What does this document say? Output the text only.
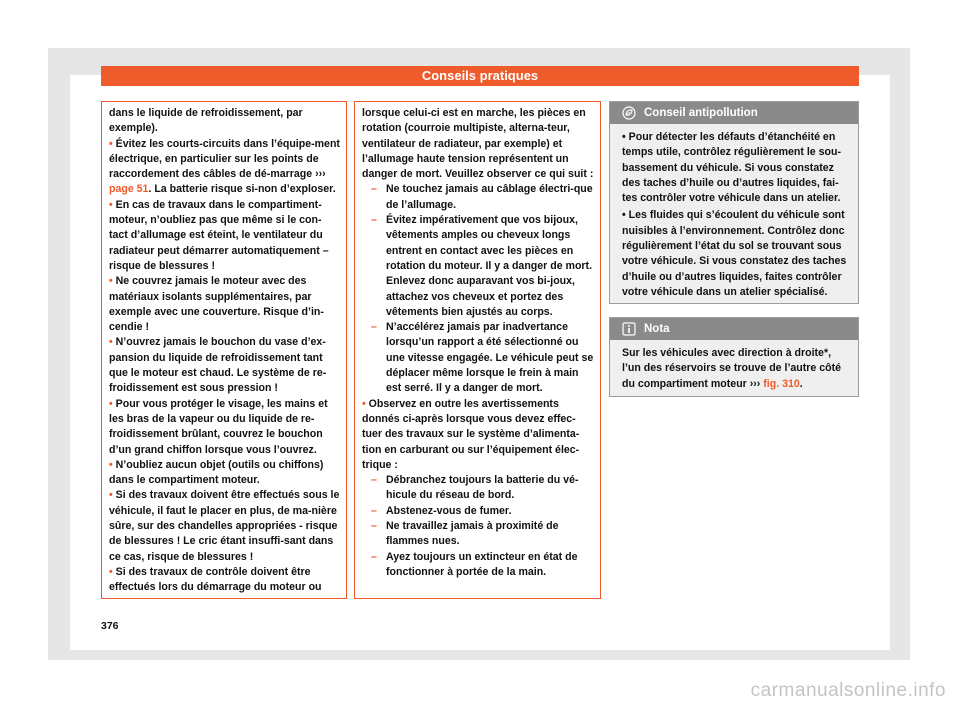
Conseils pratiques

dans le liquide de refroidissement, par exemple).

• Évitez les courts-circuits dans l’équipe-ment électrique, en particulier sur les points de raccordement des câbles de dé-marrage ››› page 51. La batterie risque si-non d’exploser.

• En cas de travaux dans le compartiment-moteur, n’oubliez pas que même si le con-tact d’allumage est éteint, le ventilateur du radiateur peut démarrer automatiquement – risque de blessures !

• Ne couvrez jamais le moteur avec des matériaux isolants supplémentaires, par exemple avec une couverture. Risque d’in-cendie !

• N’ouvrez jamais le bouchon du vase d’ex-pansion du liquide de refroidissement tant que le moteur est chaud. Le système de re-froidissement est sous pression !

• Pour vous protéger le visage, les mains et les bras de la vapeur ou du liquide de re-froidissement brûlant, couvrez le bouchon d’un grand chiffon lorsque vous l’ouvrez.

• N’oubliez aucun objet (outils ou chiffons) dans le compartiment moteur.

• Si des travaux doivent être effectués sous le véhicule, il faut le placer en plus, de ma-nière sûre, sur des chandelles appropriées - risque de blessures ! Le cric étant insuffi-sant dans ce cas, risque de blessures !

• Si des travaux de contrôle doivent être effectués lors du démarrage du moteur ou

lorsque celui-ci est en marche, les pièces en rotation (courroie multipiste, alterna-teur, ventilateur de radiateur, par exemple) et l’allumage haute tension représentent un danger de mort. Veuillez observer ce qui suit :

– Ne touchez jamais au câblage électri-que de l’allumage.

– Évitez impérativement que vos bijoux, vêtements amples ou cheveux longs entrent en contact avec les pièces en rotation du moteur. Il y a danger de mort. Enlevez donc auparavant vos bi-joux, attachez vos cheveux et portez des vêtements bien ajustés au corps.

– N’accélérez jamais par inadvertance lorsqu’un rapport a été sélectionné ou une vitesse engagée. Le véhicule peut se déplacer même lorsque le frein à main est serré. Il y a danger de mort.

• Observez en outre les avertissements donnés ci-après lorsque vous devez effec-tuer des travaux sur le système d’alimenta-tion en carburant ou sur l’équipement élec-trique :

– Débranchez toujours la batterie du vé-hicule du réseau de bord.

– Abstenez-vous de fumer.

– Ne travaillez jamais à proximité de flammes nues.

– Ayez toujours un extincteur en état de fonctionner à portée de la main.

Conseil antipollution

• Pour détecter les défauts d’étanchéité en temps utile, contrôlez régulièrement le sou-bassement du véhicule. Si vous constatez des taches d’huile ou d’autres liquides, fai-tes contrôler votre véhicule dans un atelier.

• Les fluides qui s’écoulent du véhicule sont nuisibles à l’environnement. Contrôlez donc régulièrement l’état du sol se trouvant sous votre véhicule. Si vous constatez des taches d’huile ou d’autres liquides, faites contrôler votre véhicule dans un atelier spécialisé.

Nota

Sur les véhicules avec direction à droite*, l’un des réservoirs se trouve de l’autre côté du compartiment moteur ››› fig. 310.

376
carmanualsonline.info
